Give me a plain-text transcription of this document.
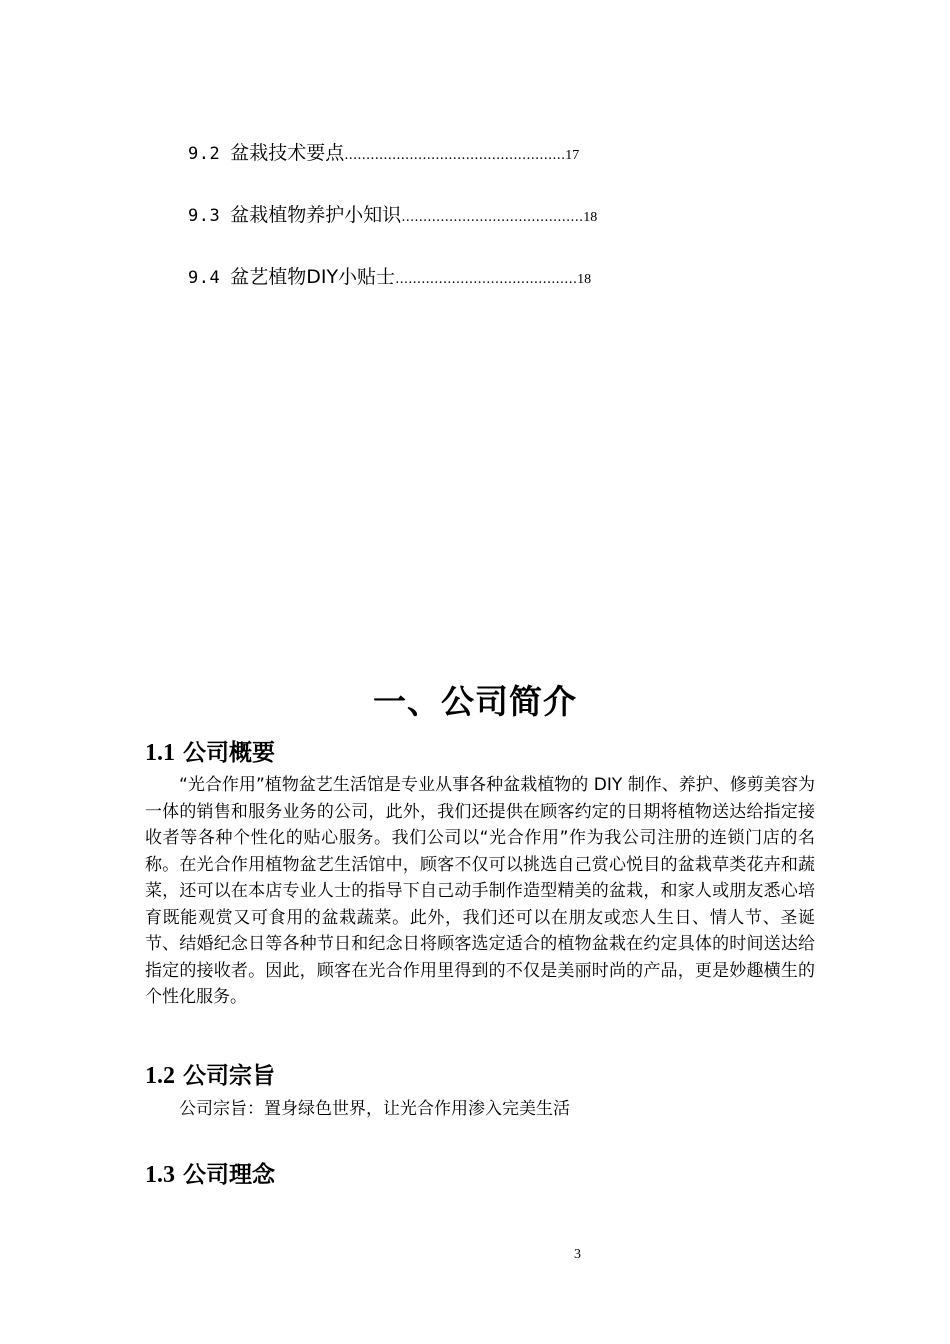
9.2 盆栽技术要点……………………………………………17
9.3 盆栽植物养护小知识……………………………………18
9.4 盆艺植物DIY小贴士……………………………………18
一、公司简介
1.1 公司概要

“光合作用”植物盆艺生活馆是专业从事各种盆栽植物的 DIY 制作、养护、修剪美容为一体的销售和服务业务的公司，此外，我们还提供在顾客约定的日期将植物送达给指定接收者等各种个性化的贴心服务。我们公司以“光合作用”作为我公司注册的连锁门店的名称。在光合作用植物盆艺生活馆中，顾客不仅可以挑选自己赏心悦目的盆栽草类花卉和蔬菜，还可以在本店专业人士的指导下自己动手制作造型精美的盆栽，和家人或朋友悉心培育既能观赏又可食用的盆栽蔬菜。此外，我们还可以在朋友或恋人生日、情人节、圣诞节、结婚纪念日等各种节日和纪念日将顾客选定适合的植物盆栽在约定具体的时间送达给指定的接收者。因此，顾客在光合作用里得到的不仅是美丽时尚的产品，更是妙趣横生的个性化服务。

1.2 公司宗旨

公司宗旨：置身绿色世界，让光合作用渗入完美生活

1.3 公司理念
3
